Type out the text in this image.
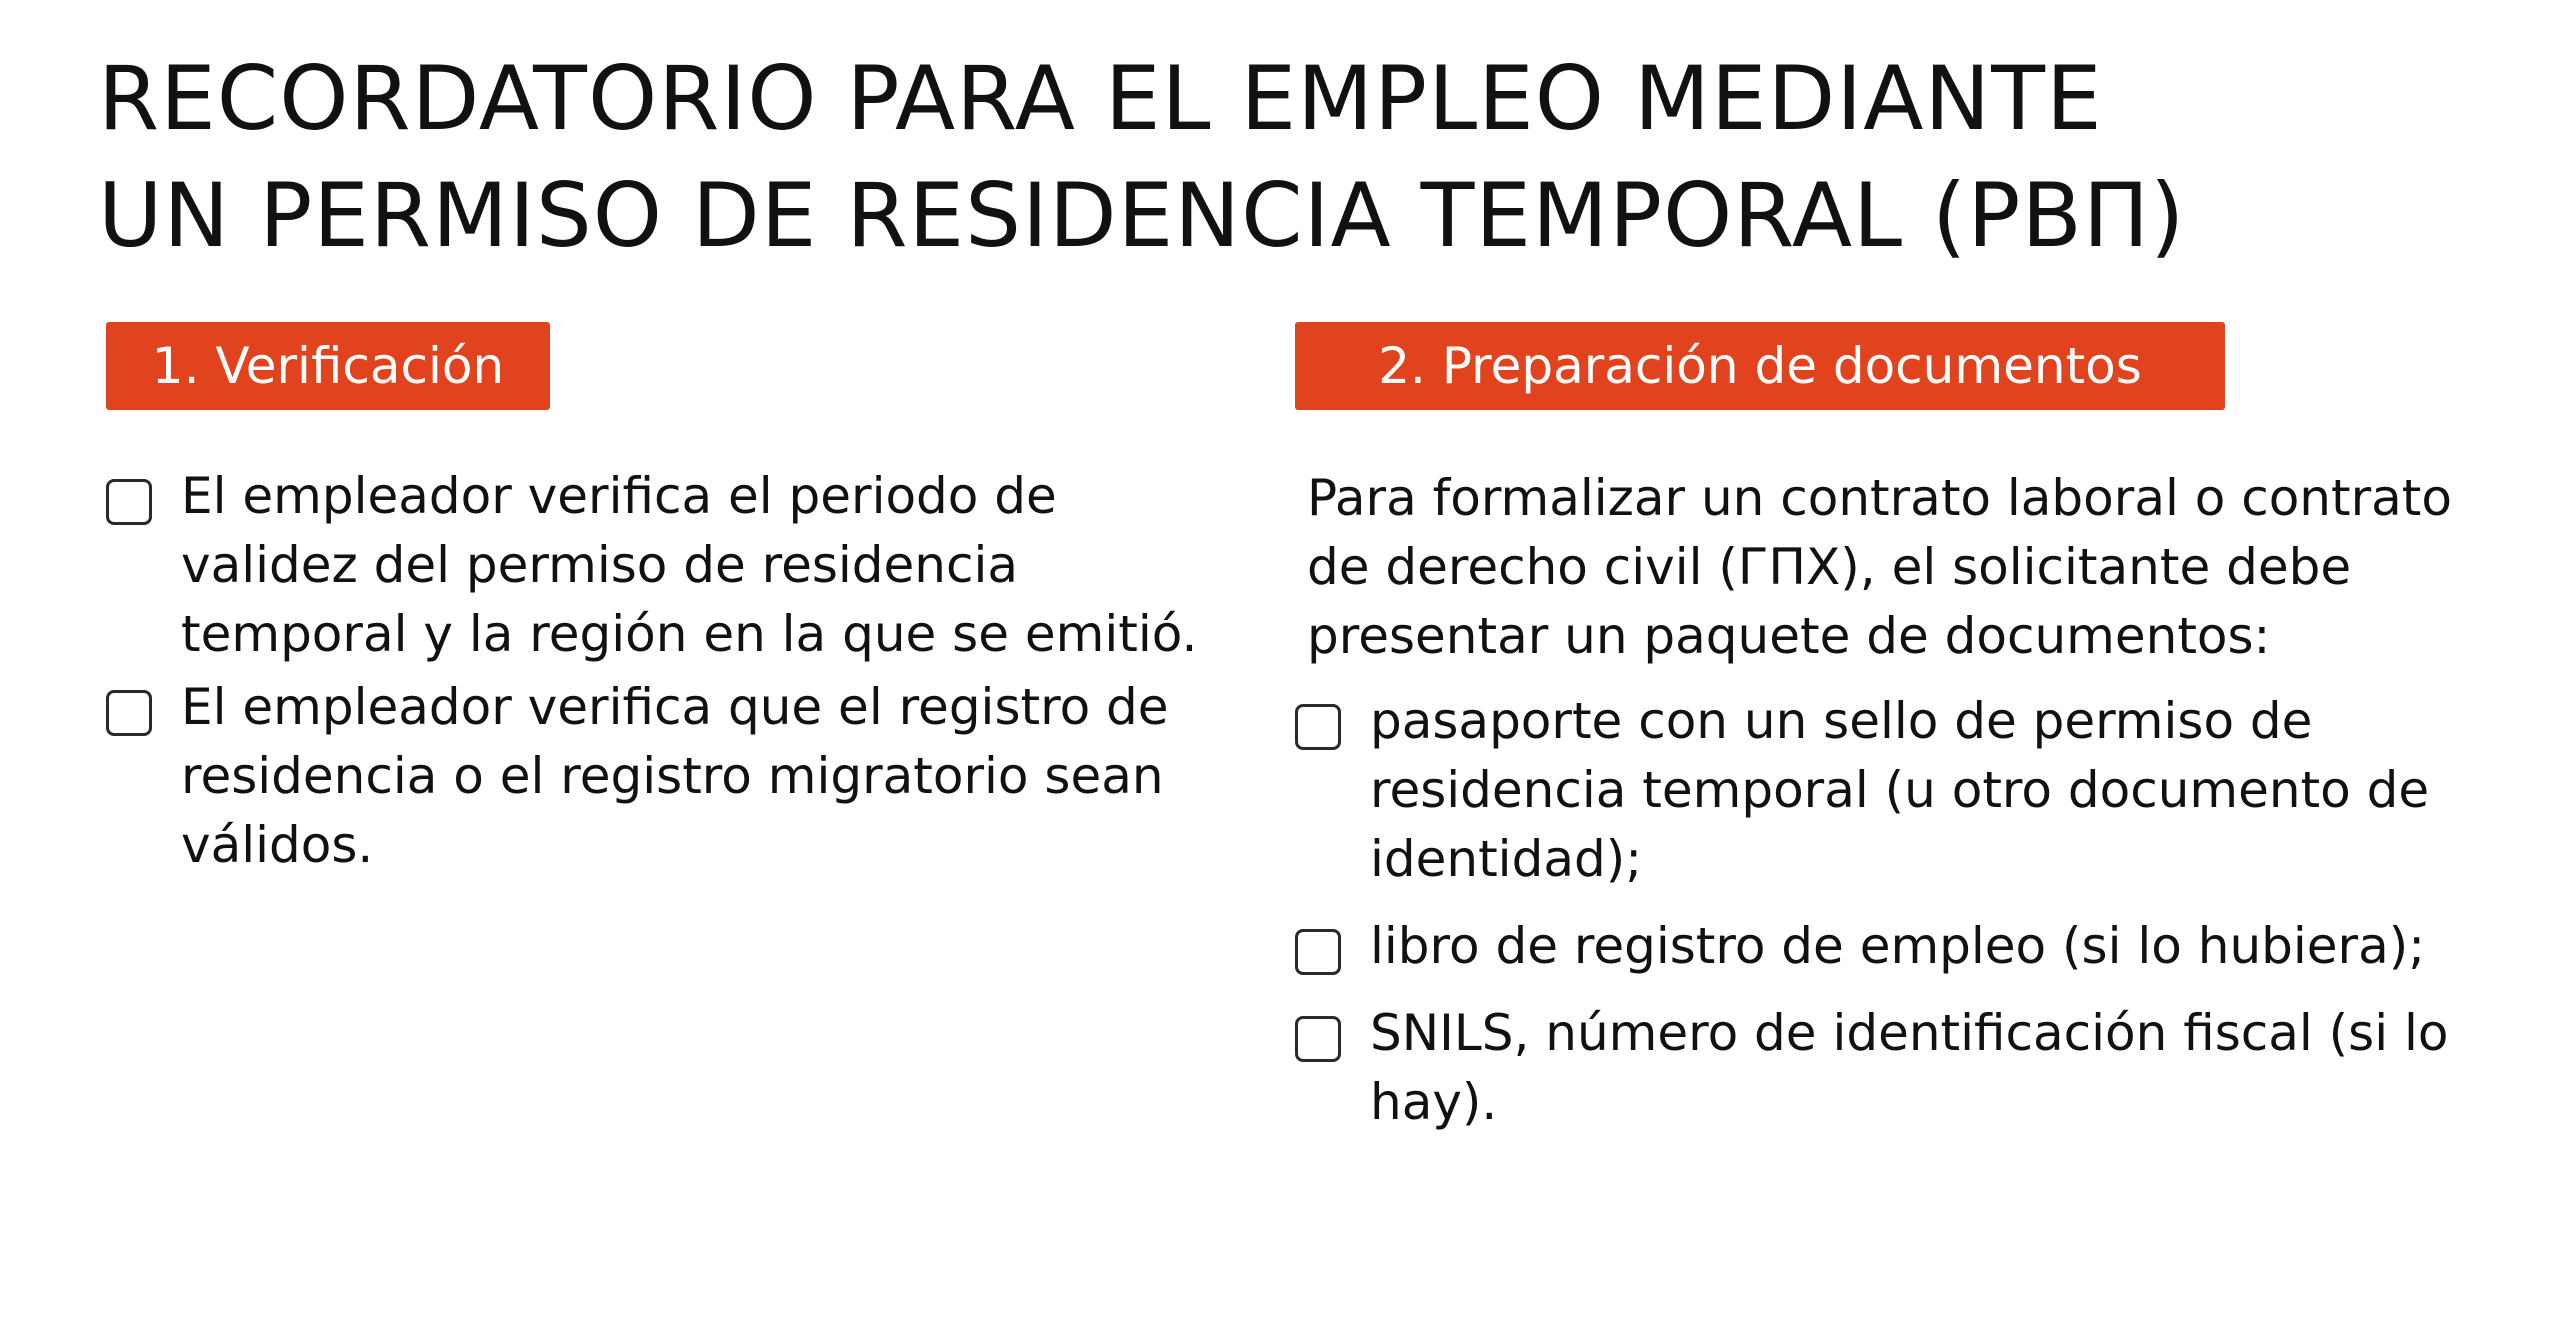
RECORDATORIO PARA EL EMPLEO MEDIANTE
UN PERMISO DE RESIDENCIA TEMPORAL (РВП)
1. Verificación
El empleador verifica el periodo de validez del permiso de residencia temporal y la región en la que se emitió.
El empleador verifica que el registro de residencia o el registro migratorio sean válidos.
2. Preparación de documentos

Para formalizar un contrato laboral o contrato de derecho civil (ГПХ), el solicitante debe presentar un paquete de documentos:

pasaporte con un sello de permiso de residencia temporal (u otro documento de identidad);
libro de registro de empleo (si lo hubiera);
SNILS, número de identificación fiscal (si lo hay).
